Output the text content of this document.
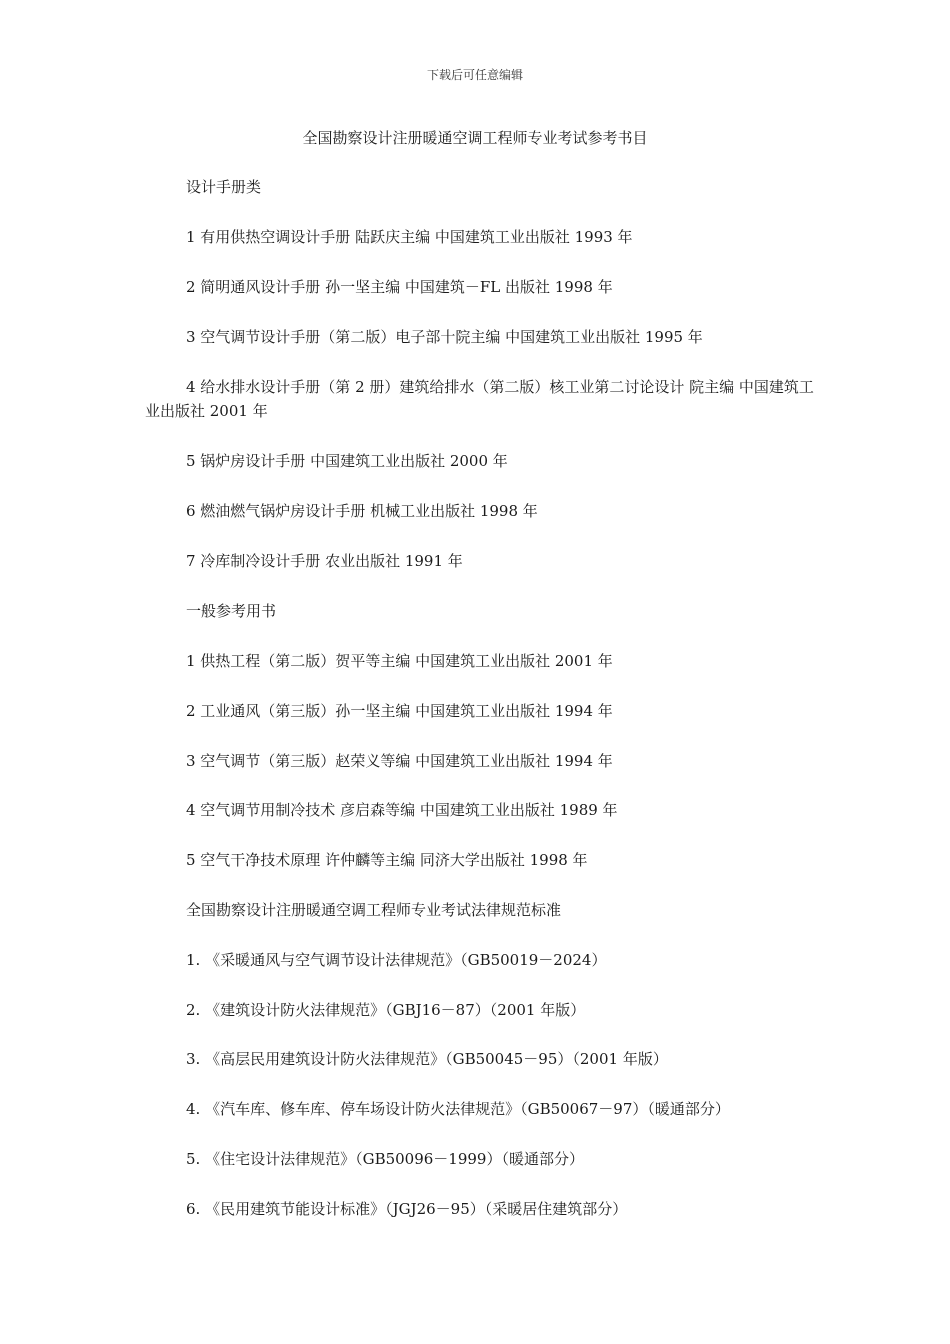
下载后可任意编辑
全国勘察设计注册暖通空调工程师专业考试参考书目
设计手册类
1 有用供热空调设计手册 陆跃庆主编 中国建筑工业出版社 1993 年
2 简明通风设计手册 孙一坚主编 中国建筑－FL 出版社 1998 年
3 空气调节设计手册（第二版）电子部十院主编 中国建筑工业出版社 1995 年
4 给水排水设计手册（第 2 册）建筑给排水（第二版）核工业第二讨论设计 院主编 中国建筑工业出版社 2001 年
5 锅炉房设计手册 中国建筑工业出版社 2000 年
6 燃油燃气锅炉房设计手册 机械工业出版社 1998 年
7 冷库制冷设计手册 农业出版社 1991 年
一般参考用书
1 供热工程（第二版）贺平等主编 中国建筑工业出版社 2001 年
2 工业通风（第三版）孙一坚主编 中国建筑工业出版社 1994 年
3 空气调节（第三版）赵荣义等编 中国建筑工业出版社 1994 年
4 空气调节用制冷技术 彦启森等编 中国建筑工业出版社 1989 年
5 空气干净技术原理 许仲麟等主编 同济大学出版社 1998 年
全国勘察设计注册暖通空调工程师专业考试法律规范标准
1. 《采暖通风与空气调节设计法律规范》（GB50019－2024）
2. 《建筑设计防火法律规范》（GBJ16－87）（2001 年版）
3. 《高层民用建筑设计防火法律规范》（GB50045－95）（2001 年版）
4. 《汽车库、修车库、停车场设计防火法律规范》（GB50067－97）（暖通部分）
5. 《住宅设计法律规范》（GB50096－1999）（暖通部分）
6. 《民用建筑节能设计标准》（JGJ26－95）（采暖居住建筑部分）
